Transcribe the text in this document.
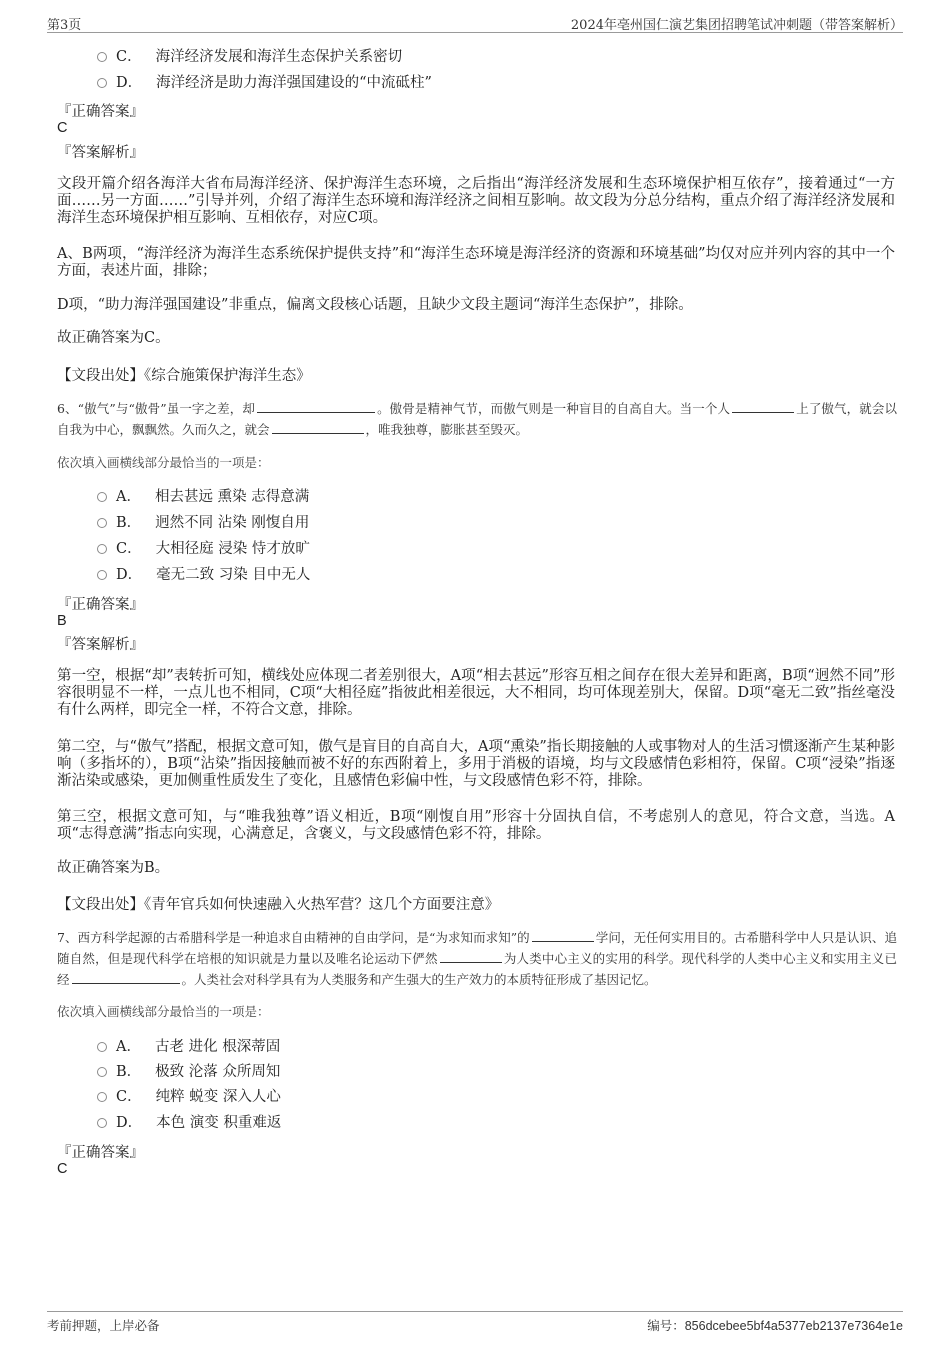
第3页	2024年亳州国仁演艺集团招聘笔试冲刺题（带答案解析）
C． 海洋经济发展和海洋生态保护关系密切
D． 海洋经济是助力海洋强国建设的“中流砥柱”
『正确答案』
C
『答案解析』
文段开篇介绍各海洋大省布局海洋经济、保护海洋生态环境，之后指出“海洋经济发展和生态环境保护相互依存”，接着通过“一方面……另一方面……”引导并列，介绍了海洋生态环境和海洋经济之间相互影响。故文段为分总分结构，重点介绍了海洋经济发展和海洋生态环境保护相互影响、互相依存，对应C项。
A、B两项，“海洋经济为海洋生态系统保护提供支持”和“海洋生态环境是海洋经济的资源和环境基础”均仅对应并列内容的其中一个方面，表述片面，排除；
D项，“助力海洋强国建设”非重点，偏离文段核心话题，且缺少文段主题词“海洋生态保护”，排除。
故正确答案为C。
【文段出处】《综合施策保护海洋生态》
6、“傲气”与“傲骨”虽一字之差，却	。傲骨是精神气节，而傲气则是一种盲目的自高自大。当一个人	上了傲气，就会以自我为中心，飘飘然。久而久之，就会	，唯我独尊，膨胀甚至毁灭。
依次填入画横线部分最恰当的一项是：
A． 相去甚远 熏染 志得意满
B． 迥然不同 沾染 刚愎自用
C． 大相径庭 浸染 恃才放旷
D． 毫无二致 习染 目中无人
『正确答案』
B
『答案解析』
第一空，根据“却”表转折可知，横线处应体现二者差别很大，A项“相去甚远”形容互相之间存在很大差异和距离，B项“迥然不同”形容很明显不一样，一点儿也不相同，C项“大相径庭”指彼此相差很远，大不相同，均可体现差别大，保留。D项“毫无二致”指丝毫没有什么两样，即完全一样，不符合文意，排除。
第二空，与“傲气”搭配，根据文意可知，傲气是盲目的自高自大，A项“熏染”指长期接触的人或事物对人的生活习惯逐渐产生某种影响（多指坏的），B项“沾染”指因接触而被不好的东西附着上，多用于消极的语境，均与文段感情色彩相符，保留。C项“浸染”指逐渐沾染或感染，更加侧重性质发生了变化，且感情色彩偏中性，与文段感情色彩不符，排除。
第三空，根据文意可知，与“唯我独尊”语义相近，B项“刚愎自用”形容十分固执自信，不考虑别人的意见，符合文意，当选。A项“志得意满”指志向实现，心满意足，含褒义，与文段感情色彩不符，排除。
故正确答案为B。
【文段出处】《青年官兵如何快速融入火热军营？这几个方面要注意》
7、西方科学起源的古希腊科学是一种追求自由精神的自由学问，是“为求知而求知”的	学问，无任何实用目的。古希腊科学中人只是认识、追随自然，但是现代科学在培根的知识就是力量以及唯名论运动下俨然	为人类中心主义的实用的科学。现代科学的人类中心主义和实用主义已经	。人类社会对科学具有为人类服务和产生强大的生产效力的本质特征形成了基因记忆。
依次填入画横线部分最恰当的一项是：
A． 古老 进化 根深蒂固
B． 极致 沦落 众所周知
C． 纯粹 蜕变 深入人心
D． 本色 演变 积重难返
『正确答案』
C
考前押题，上岸必备	编号：856dcebee5bf4a5377eb2137e7364e1e
